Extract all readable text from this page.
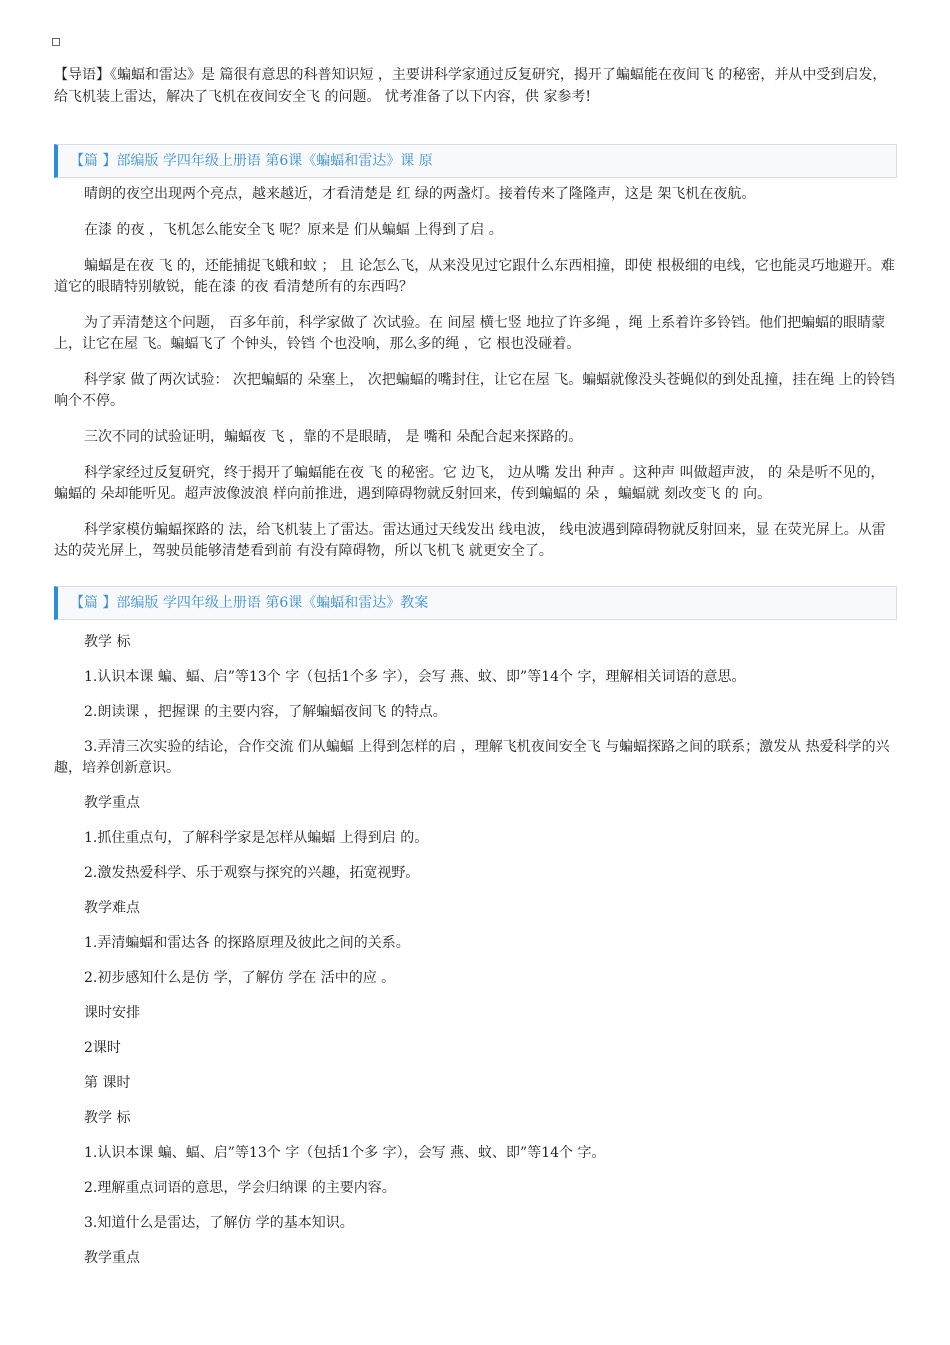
【导语】《蝙蝠和雷达》是 篇很有意思的科普知识短 ，主要讲科学家通过反复研究，揭开了蝙蝠能在夜间飞 的秘密，并从中受到启发，给飞机装上雷达，解决了飞机在夜间安全飞 的问题。 忧考准备了以下内容，供 家参考!

【篇 】部编版 学四年级上册语 第6课《蝙蝠和雷达》课 原

晴朗的夜空出现两个亮点，越来越近，才看清楚是 红 绿的两盏灯。接着传来了隆隆声，这是 架飞机在夜航。

在漆 的夜 ，飞机怎么能安全飞 呢？原来是 们从蝙蝠 上得到了启 。

蝙蝠是在夜 飞 的，还能捕捉飞蛾和蚊 ； 且 论怎么飞，从来没见过它跟什么东西相撞，即使 根极细的电线，它也能灵巧地避开。难道它的眼睛特别敏锐，能在漆 的夜 看清楚所有的东西吗？

为了弄清楚这个问题， 百多年前，科学家做了 次试验。在 间屋 横七竖 地拉了许多绳 ，绳 上系着许多铃铛。他们把蝙蝠的眼睛蒙上，让它在屋 飞。蝙蝠飞了 个钟头，铃铛 个也没响，那么多的绳 ，它 根也没碰着。

科学家 做了两次试验： 次把蝙蝠的 朵塞上， 次把蝙蝠的嘴封住，让它在屋 飞。蝙蝠就像没头苍蝇似的到处乱撞，挂在绳 上的铃铛响个不停。

三次不同的试验证明，蝙蝠夜 飞 ，靠的不是眼睛， 是 嘴和 朵配合起来探路的。

科学家经过反复研究，终于揭开了蝙蝠能在夜 飞 的秘密。它 边飞， 边从嘴 发出 种声 。这种声 叫做超声波， 的 朵是听不见的，蝙蝠的 朵却能听见。超声波像波浪 样向前推进，遇到障碍物就反射回来，传到蝙蝠的 朵 ，蝙蝠就 刻改变飞 的 向。

科学家模仿蝙蝠探路的 法，给飞机装上了雷达。雷达通过天线发出 线电波， 线电波遇到障碍物就反射回来，显 在荧光屏上。从雷达的荧光屏上，驾驶员能够清楚看到前 有没有障碍物，所以飞机飞 就更安全了。

【篇 】部编版 学四年级上册语 第6课《蝙蝠和雷达》教案

教学 标

1.认识本课 蝙、蝠、启”等13个 字（包括1个多 字），会写 燕、蚊、即”等14个 字，理解相关词语的意思。

2.朗读课 ，把握课 的主要内容，了解蝙蝠夜间飞 的特点。

3.弄清三次实验的结论，合作交流 们从蝙蝠 上得到怎样的启 ，理解飞机夜间安全飞 与蝙蝠探路之间的联系；激发从 热爱科学的兴趣，培养创新意识。

教学重点

1.抓住重点句，了解科学家是怎样从蝙蝠 上得到启 的。

2.激发热爱科学、乐于观察与探究的兴趣，拓宽视野。

教学难点

1.弄清蝙蝠和雷达各 的探路原理及彼此之间的关系。

2.初步感知什么是仿 学，了解仿 学在 活中的应 。

课时安排

2课时

第 课时

教学 标

1.认识本课 蝙、蝠、启”等13个 字（包括1个多 字），会写 燕、蚊、即”等14个 字。

2.理解重点词语的意思，学会归纳课 的主要内容。

3.知道什么是雷达，了解仿 学的基本知识。

教学重点
